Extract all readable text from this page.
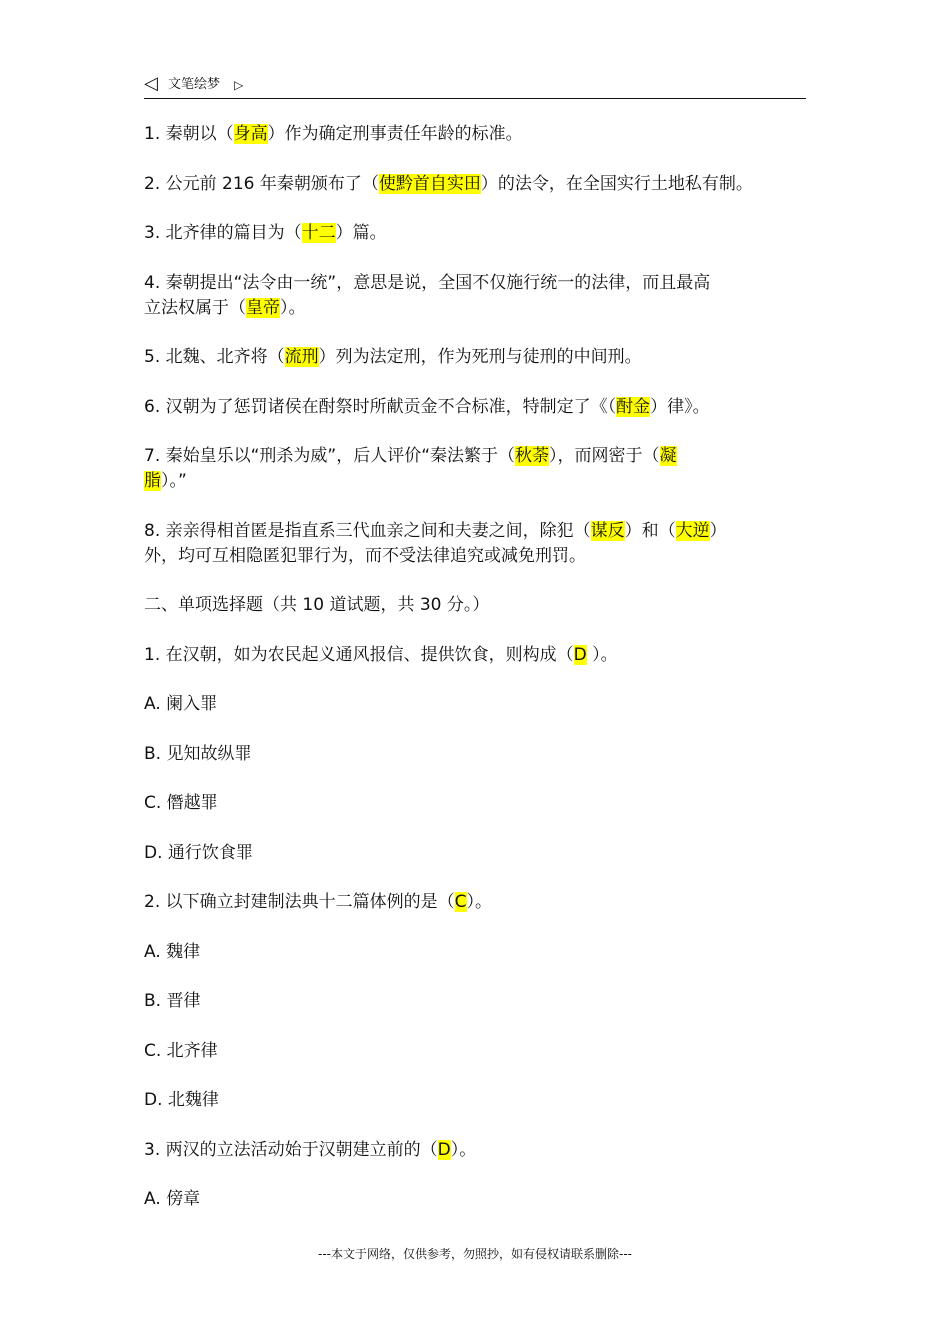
◁ 文笔绘梦 ▷
1. 秦朝以（身高）作为确定刑事责任年龄的标准。
2. 公元前 216 年秦朝颁布了（使黔首自实田）的法令，在全国实行土地私有制。
3. 北齐律的篇目为（十二）篇。
4. 秦朝提出“法令由一统”，意思是说，全国不仅施行统一的法律，而且最高
立法权属于（皇帝）。
5. 北魏、北齐将（流刑）列为法定刑，作为死刑与徒刑的中间刑。
6. 汉朝为了惩罚诸侯在酎祭时所献贡金不合标准，特制定了《（酎金）律》。
7. 秦始皇乐以“刑杀为威”，后人评价“秦法繁于（秋荼），而网密于（凝
脂）。”
8. 亲亲得相首匿是指直系三代血亲之间和夫妻之间，除犯（谋反）和（大逆）
外，均可互相隐匿犯罪行为，而不受法律追究或减免刑罚。
二、单项选择题（共 10 道试题，共 30 分。）
1. 在汉朝，如为农民起义通风报信、提供饮食，则构成（D ）。
A. 阑入罪
B. 见知故纵罪
C. 僭越罪
D. 通行饮食罪
2. 以下确立封建制法典十二篇体例的是（C）。
A. 魏律
B. 晋律
C. 北齐律
D. 北魏律
3. 两汉的立法活动始于汉朝建立前的（D）。
A. 傍章
---本文于网络，仅供参考，勿照抄，如有侵权请联系删除---
